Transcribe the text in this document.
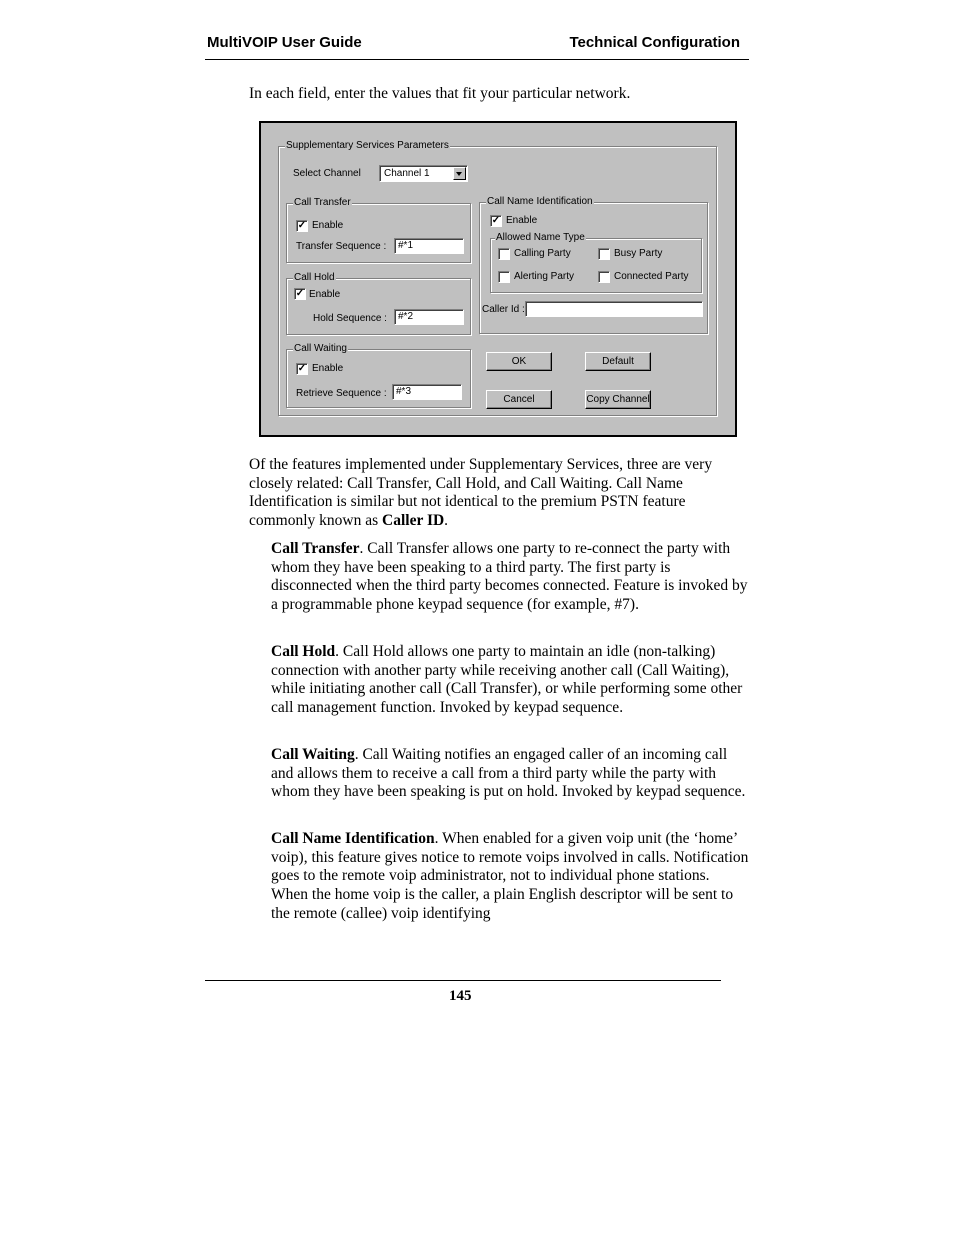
MultiVOIP User Guide	Technical Configuration
In each field, enter the values that fit your particular network.
Supplementary Services Parameters
Select Channel Channel 1
Call Transfer
✓ Enable
Transfer Sequence :	#*1
Call Hold
✓ Enable
Hold Sequence :	#*2
Call Waiting
✓ Enable
Retrieve Sequence : #*3
Call Name Identification
✓ Enable
Allowed Name Type
Calling Party	Busy Party
Alerting Party	Connected Party
Caller Id :
OK	Default
Cancel	Copy Channel
Of the features implemented under Supplementary Services, three are very closely related: Call Transfer, Call Hold, and Call Waiting. Call Name Identification is similar but not identical to the premium PSTN feature commonly known as Caller ID.
Call Transfer. Call Transfer allows one party to re-connect the party with whom they have been speaking to a third party. The first party is disconnected when the third party becomes connected. Feature is invoked by a programmable phone keypad sequence (for example, #7).
Call Hold. Call Hold allows one party to maintain an idle (non-talking) connection with another party while receiving another call (Call Waiting), while initiating another call (Call Transfer), or while performing some other call management function. Invoked by keypad sequence.
Call Waiting. Call Waiting notifies an engaged caller of an incoming call and allows them to receive a call from a third party while the party with whom they have been speaking is put on hold. Invoked by keypad sequence.
Call Name Identification. When enabled for a given voip unit (the ‘home’ voip), this feature gives notice to remote voips involved in calls. Notification goes to the remote voip administrator, not to individual phone stations. When the home voip is the caller, a plain English descriptor will be sent to the remote (callee) voip identifying
145
